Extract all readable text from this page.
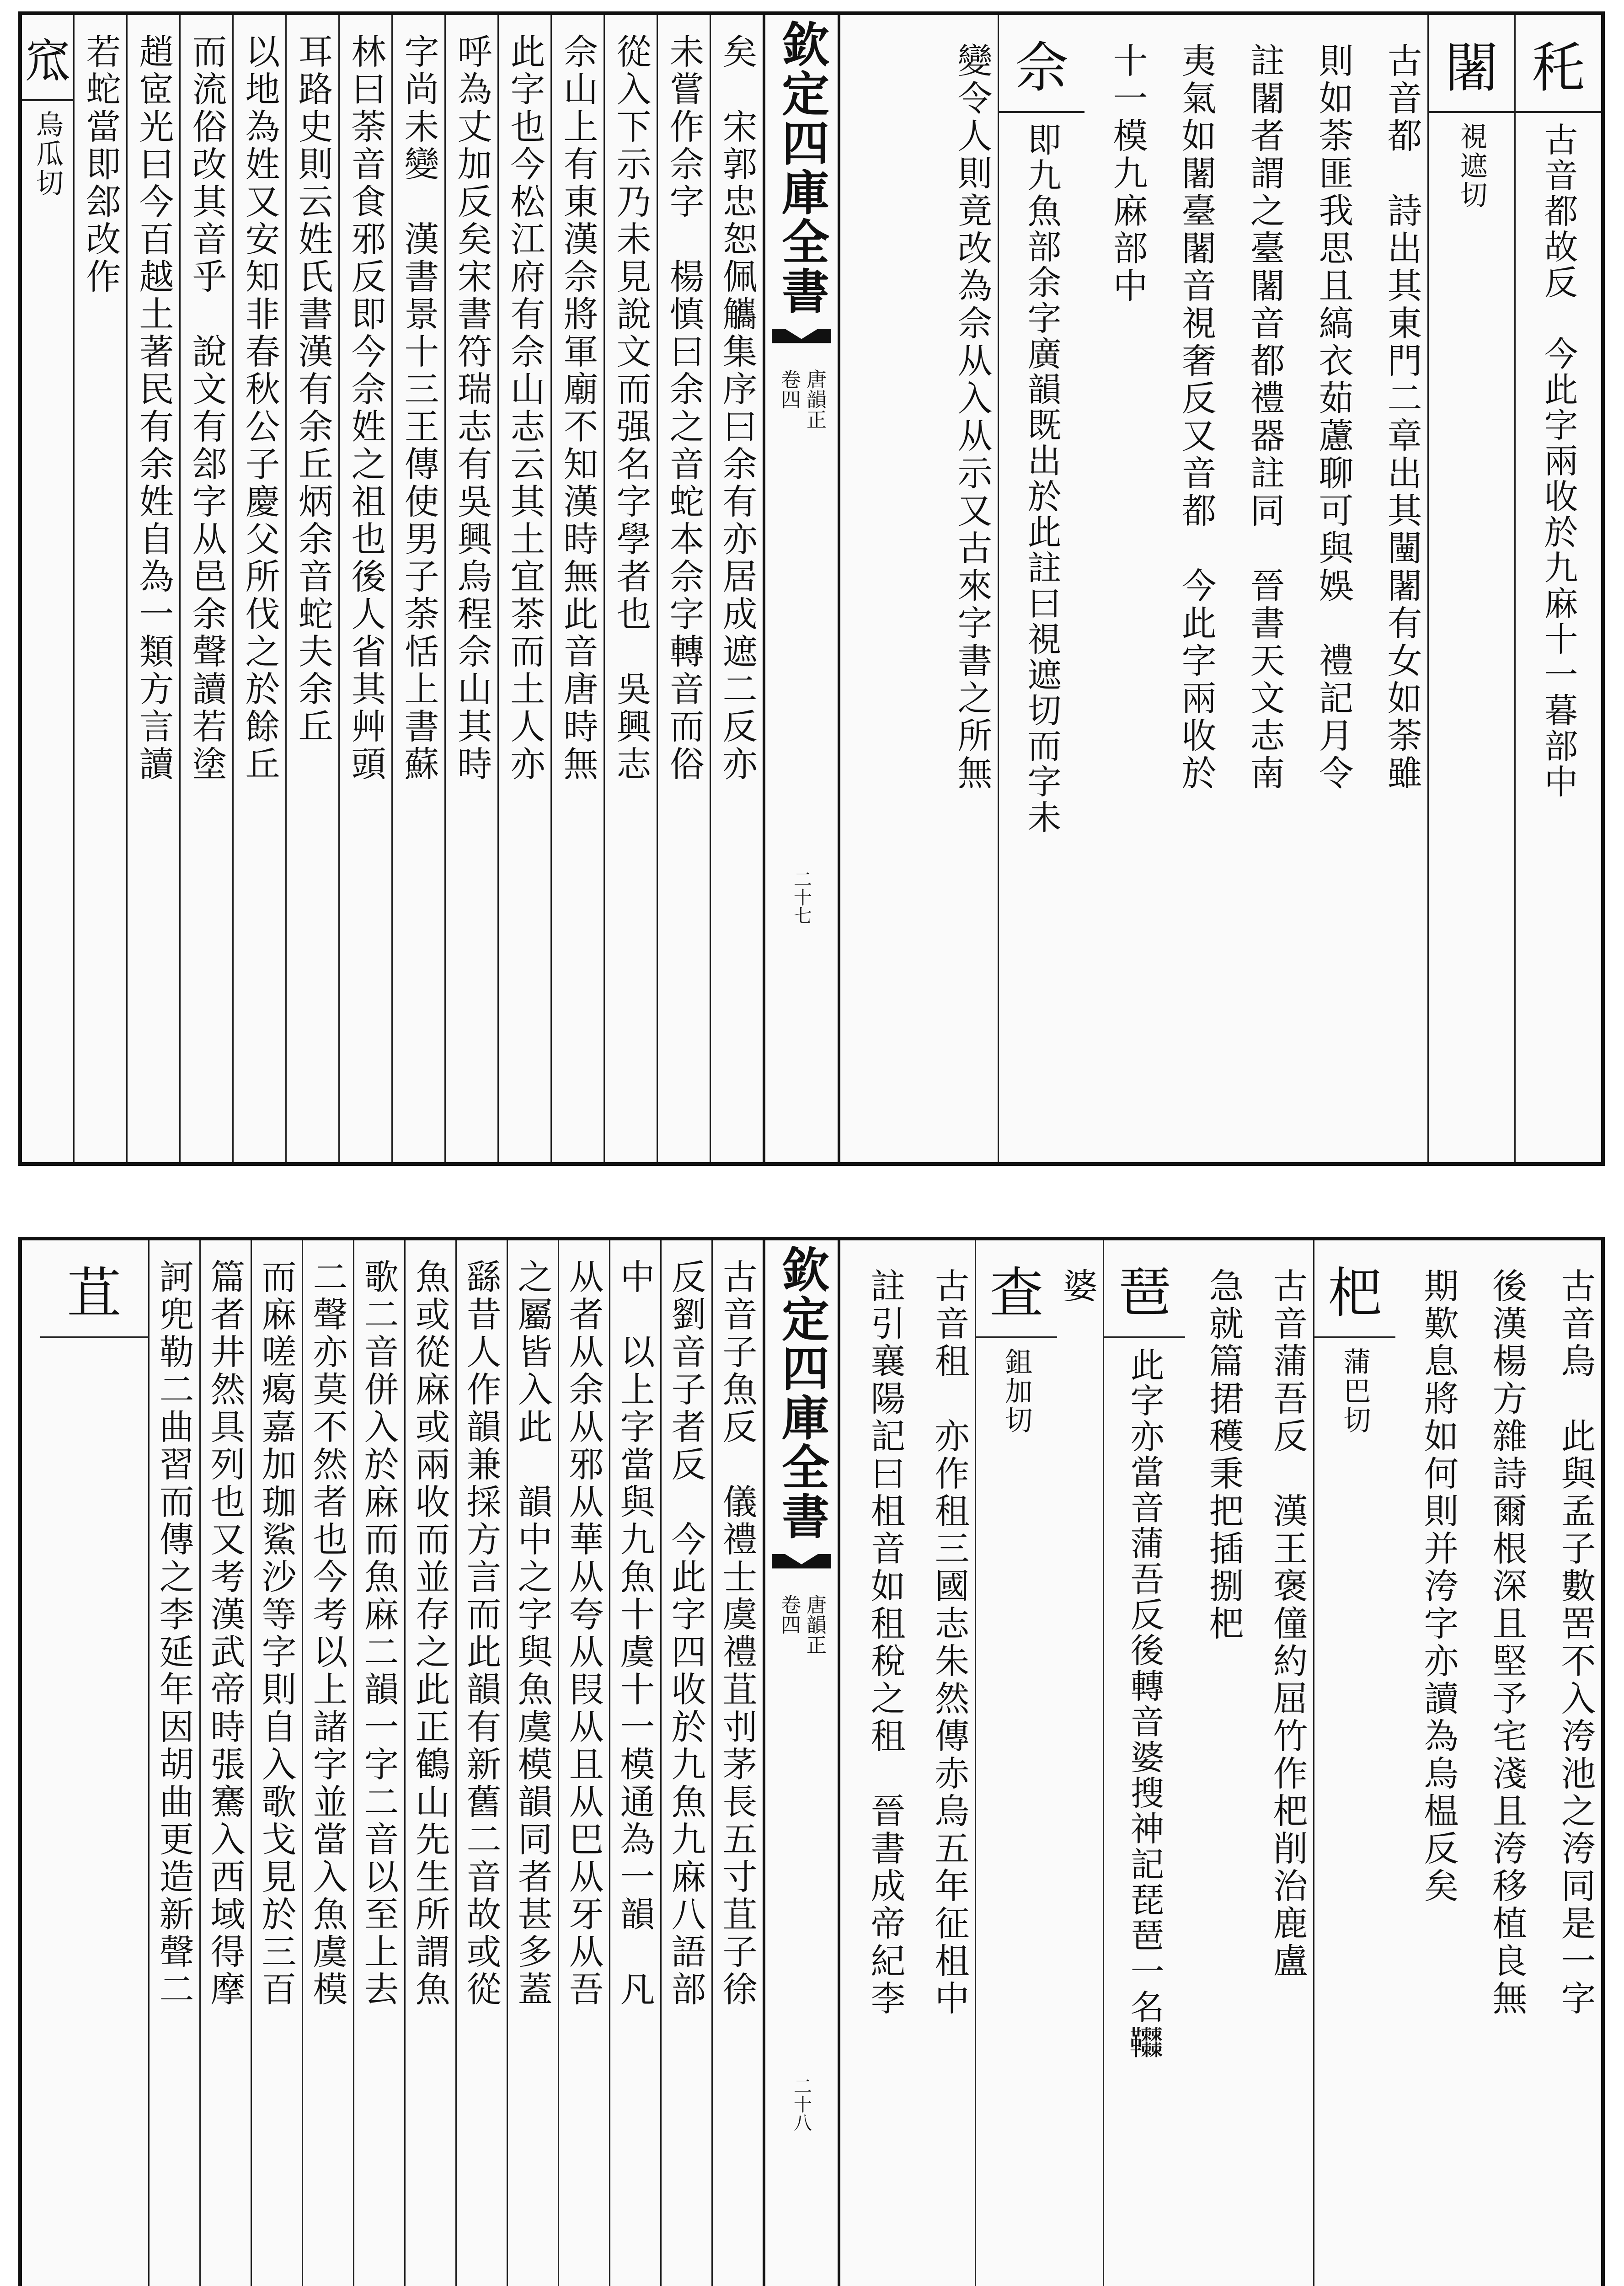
秅
古音都故反　今此字兩收於九麻十一暮部中
闍
視遮切
古音都　詩出其東門二章出其闉闍有女如荼雖
則如荼匪我思且縞衣茹藘聊可與娛　禮記月令
註闍者謂之臺闍音都禮器註同　晉書天文志南
夷氣如闍臺闍音視奢反又音都　今此字兩收於
十一模九麻部中
佘
即九魚部余字廣韻既出於此註曰視遮切而字未
變令人則竟改為佘从入从示又古來字書之所無
欽定四庫全書
唐韻正
卷四
二十七
矣　宋郭忠恕佩觿集序曰余有亦居成遮二反亦
未嘗作佘字　楊慎曰余之音蛇本佘字轉音而俗
從入下示乃未見說文而强名字學者也　吳興志
佘山上有東漢佘將軍廟不知漢時無此音唐時無
此字也今松江府有佘山志云其土宜茶而土人亦
呼為丈加反矣宋書符瑞志有吳興烏程佘山其時
字尚未變　漢書景十三王傳使男子荼恬上書蘇
林曰荼音食邪反即今佘姓之祖也後人省其艸頭
耳路史則云姓氏書漢有余丘炳余音蛇夫余丘
以地為姓又安知非春秋公子慶父所伐之於餘丘
而流俗改其音乎　說文有郐字从邑余聲讀若塗
趙宧光曰今百越土著民有余姓自為一類方言讀
若蛇當即郐改作
窊
烏瓜切
古音烏　此與孟子數罟不入洿池之洿同是一字
後漢楊方雜詩爾根深且堅予宅淺且洿移植良無
期歎息將如何則并洿字亦讀為烏榅反矣
杷
蒲巴切
古音蒲吾反　漢王褒僮約屈竹作杷削治鹿盧
急就篇捃穫秉把插捌杷
琶
此字亦當音蒲吾反後轉音婆搜神記琵琶一名𩎎
婆
査
鉏加切
古音租　亦作租三國志朱然傳赤烏五年征柤中
註引襄陽記曰柤音如租稅之租　晉書成帝紀李
欽定四庫全書
唐韻正
卷四
二十八
古音子魚反　儀禮士虞禮苴刌茅長五寸苴子徐
反劉音子者反　今此字四收於九魚九麻八語部
中　以上字當與九魚十虞十一模通為一韻　凡
从者从余从邪从華从夸从叚从且从巴从牙从吾
之屬皆入此　韻中之字與魚虞模韻同者甚多蓋
繇昔人作韻兼採方言而此韻有新舊二音故或從
魚或從麻或兩收而並存之此正鶴山先生所謂魚
歌二音併入於麻而魚麻二韻一字二音以至上去
二聲亦莫不然者也今考以上諸字並當入魚虞模
而麻嗟𤸎嘉加珈鯊沙等字則自入歌戈見於三百
篇者井然具列也又考漢武帝時張騫入西域得摩
訶兜勒二曲習而傳之李延年因胡曲更造新聲二
苴
